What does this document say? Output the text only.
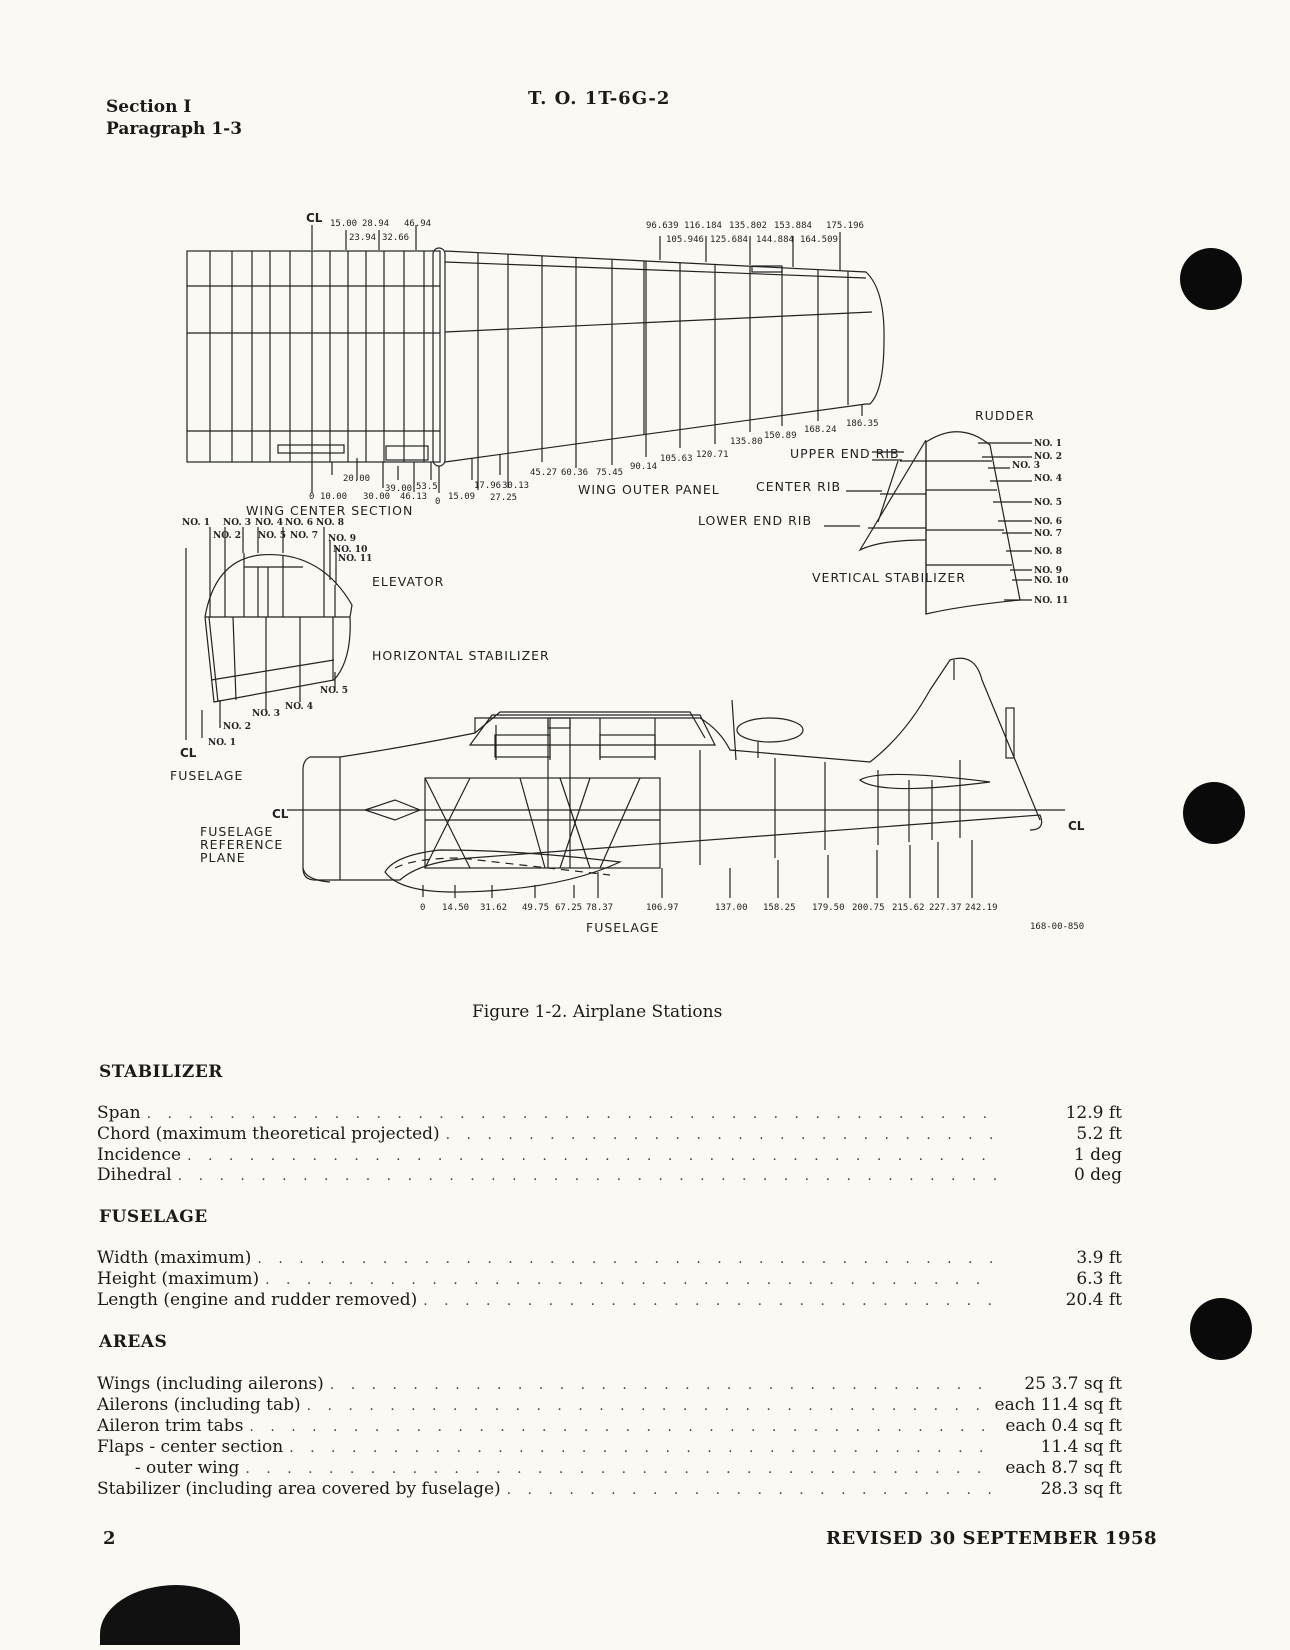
Section I
Paragraph 1-3
T. O. 1T-6G-2
CL
CL
CL
CL
15.00 28.94 46.94
23.94 32.66
96.639 116.184 135.802 153.884 175.196
105.946 125.684 144.884 164.509
0 10.00
20.00
30.00
39.00
46.13
53.5
0 15.09
17.96
27.25
30.13
45.27 60.36 75.45
90.14
105.63 120.71
135.80
150.89
168.24
186.35
WING CENTER SECTION
WING OUTER PANEL
RUDDER
UPPER END RIB
CENTER RIB
LOWER END RIB
VERTICAL STABILIZER
NO. 1
NO. 2
NO. 3
NO. 4
NO. 5
NO. 6
NO. 7
NO. 8
NO. 9
NO. 10
NO. 11
ELEVATOR
HORIZONTAL STABILIZER
NO. 1
NO. 2
NO. 3 NO. 4
NO. 5
NO. 6
NO. 7
NO. 8
NO. 9
NO. 10
NO. 11
NO. 1
NO. 2
NO. 3
NO. 4
NO. 5
FUSELAGE
FUSELAGE REFERENCE PLANE
0 14.50 31.62 49.75 67.25 78.37	106.97	137.00 158.25 179.50 200.75 215.62 227.37 242.19
FUSELAGE	168-00-850
Figure 1-2. Airplane Stations
STABILIZER
Span . . .	12.9 ft
Chord (maximum theoretical projected) . . .	5.2 ft
Incidence . . .	1 deg
Dihedral . . .	0 deg
FUSELAGE
Width (maximum) . . .	3.9 ft
Height (maximum) . . .	6.3 ft
Length (engine and rudder removed) . . .	20.4 ft
AREAS
Wings (including ailerons) . . .	25 3.7 sq ft
Ailerons (including tab) . . .	each 11.4 sq ft
Aileron trim tabs . . .	each 0.4 sq ft
Flaps - center section . . .	11.4 sq ft
- outer wing . . .	each 8.7 sq ft
Stabilizer (including area covered by fuselage) . . .	28.3 sq ft
2	REVISED 30 SEPTEMBER 1958
